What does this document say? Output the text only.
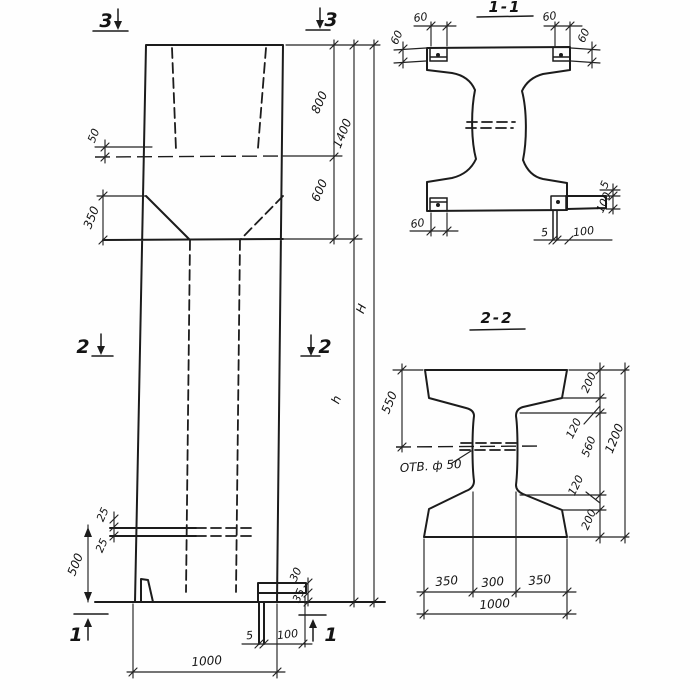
3	3
2	2
1	1
50
350
800
1400
600
H
h
25
25
500	30
35
5 100
1000
1-1
60	60
60	60
60
5 100
5
100
2-2
550
ОТВ. ф 50
200
120
560 1200
120
200
350 300 350
1000
